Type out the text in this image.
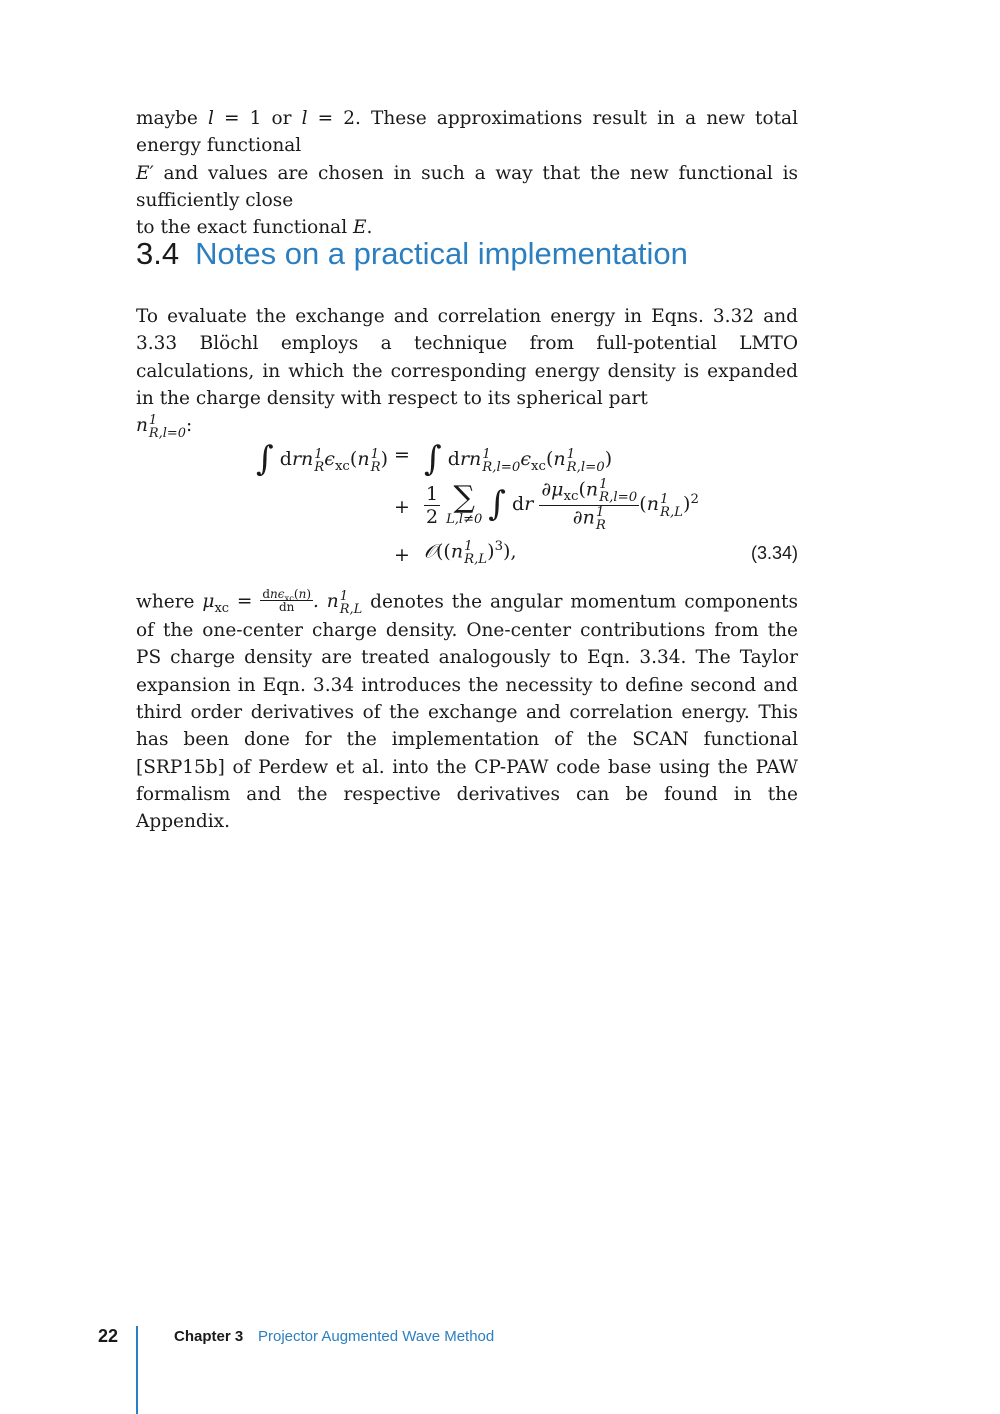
maybe l = 1 or l = 2. These approximations result in a new total energy functional
E′ and values are chosen in such a way that the new functional is sufficiently close
to the exact functional E.

3.4 Notes on a practical implementation

To evaluate the exchange and correlation energy in Eqns. 3.32 and 3.33 Blöchl employs a technique from full-potential LMTO calculations, in which the corresponding energy density is expanded in the charge density with respect to its spherical part
n 1
R,l=0 :

∫ drn 1
R $\epsilon_{xc}(n$ 1
R ) = ∫ drn 1
R,l=0 $\epsilon_{xc}(n$ 1
R,l=0 )
+ $\frac{1}{2}$
∑
L,l≠0 ∫ dr $\partial\mu_{xc}(n$ 1
R,l=0
∂n 1
R (n 1
R,L )$^2$
+ 𝒪((n 1
R,L )$^3$),	(3.34)

where $\mu_{xc} = \frac{dn\epsilon_{xc}(n)}{dn}$ . n 1
R,L denotes the angular momentum components of the one-center charge density. One-center contributions from the PS charge density are treated analogously to Eqn. 3.34. The Taylor expansion in Eqn. 3.34 introduces the necessity to define second and third order derivatives of the exchange and correlation energy. This has been done for the implementation of the SCAN functional [SRP15b] of Perdew et al. into the CP-PAW code base using the PAW formalism and the respective derivatives can be found in the Appendix.

22	Chapter 3 Projector Augmented Wave Method
